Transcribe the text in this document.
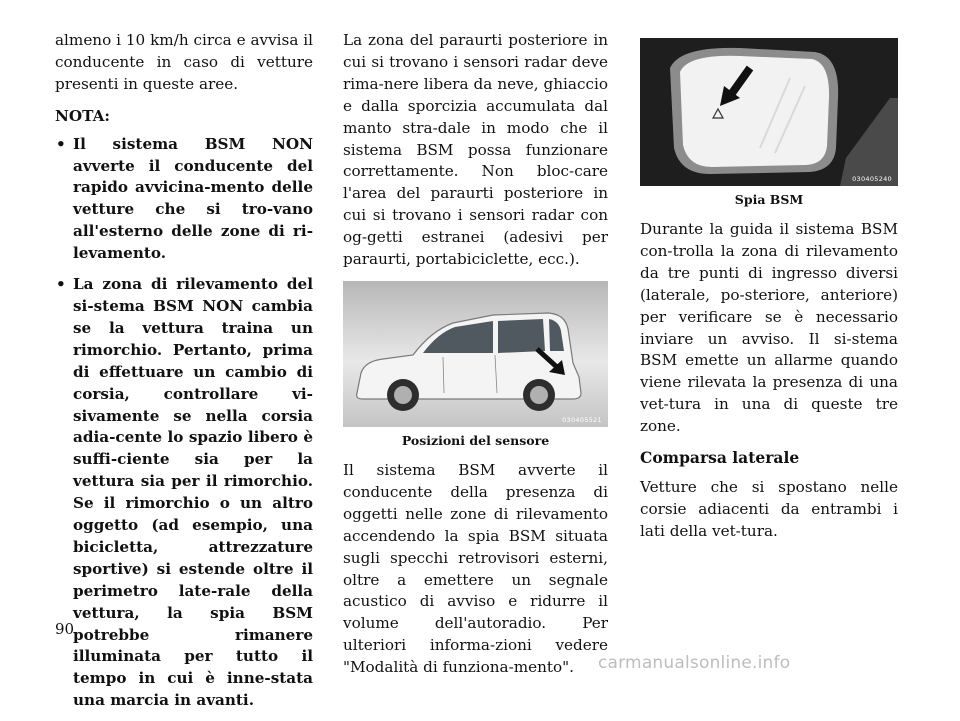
almeno i 10 km/h circa e avvisa il conducente in caso di vetture presenti in queste aree.

NOTA:

• Il sistema BSM NON avverte il conducente del rapido avvicina-mento delle vetture che si tro-vano all'esterno delle zone di ri-levamento.
• La zona di rilevamento del si-stema BSM NON cambia se la vettura traina un rimorchio. Pertanto, prima di effettuare un cambio di corsia, controllare vi-sivamente se nella corsia adia-cente lo spazio libero è suffi-ciente sia per la vettura sia per il rimorchio. Se il rimorchio o un altro oggetto (ad esempio, una bicicletta, attrezzature sportive) si estende oltre il perimetro late-rale della vettura, la spia BSM potrebbe rimanere illuminata per tutto il tempo in cui è inne-stata una marcia in avanti.

La zona del paraurti posteriore in cui si trovano i sensori radar deve rima-nere libera da neve, ghiaccio e dalla sporcizia accumulata dal manto stra-dale in modo che il sistema BSM possa funzionare correttamente. Non bloc-care l'area del paraurti posteriore in cui si trovano i sensori radar con og-getti estranei (adesivi per paraurti, portabiciclette, ecc.).

030405521
Posizioni del sensore

Il sistema BSM avverte il conducente della presenza di oggetti nelle zone di rilevamento accendendo la spia BSM situata sugli specchi retrovisori esterni, oltre a emettere un segnale acustico di avviso e ridurre il volume dell'autoradio. Per ulteriori informa-zioni vedere "Modalità di funziona-mento".

030405240
Spia BSM

Durante la guida il sistema BSM con-trolla la zona di rilevamento da tre punti di ingresso diversi (laterale, po-steriore, anteriore) per verificare se è necessario inviare un avviso. Il si-stema BSM emette un allarme quando viene rilevata la presenza di una vet-tura in una di queste tre zone.

Comparsa laterale

Vetture che si spostano nelle corsie adiacenti da entrambi i lati della vet-tura.

90
carmanualsonline.info
